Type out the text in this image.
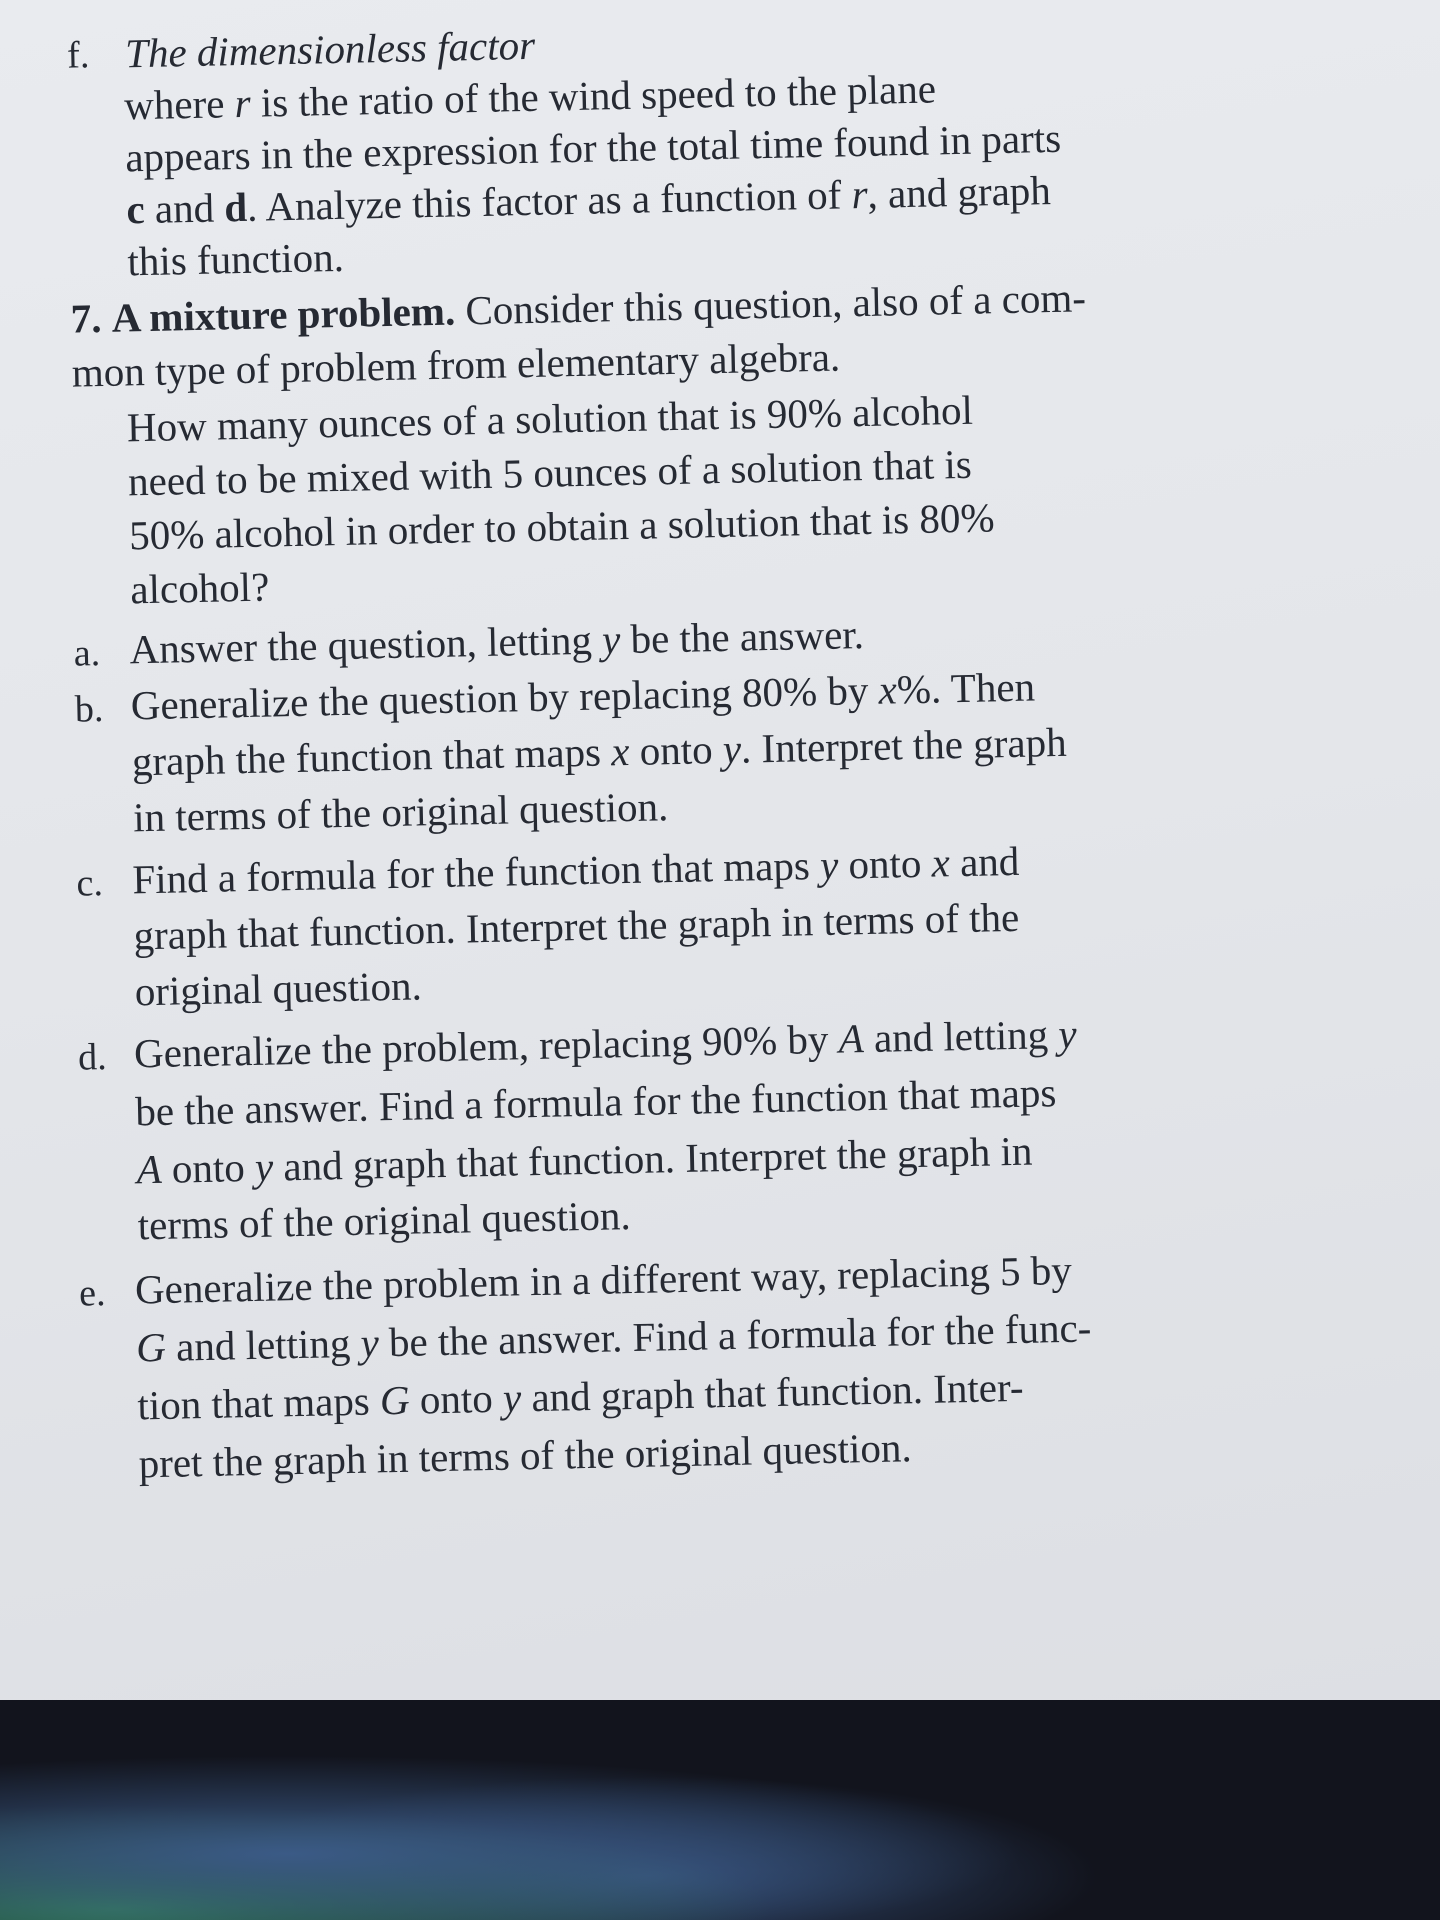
f. The dimensionless factor
where r is the ratio of the wind speed to the plane
appears in the expression for the total time found in parts
c and d. Analyze this factor as a function of r, and graph
this function.
7. A mixture problem. Consider this question, also of a com-
mon type of problem from elementary algebra.
How many ounces of a solution that is 90% alcohol
need to be mixed with 5 ounces of a solution that is
50% alcohol in order to obtain a solution that is 80%
alcohol?
a. Answer the question, letting y be the answer.
b. Generalize the question by replacing 80% by x%. Then
graph the function that maps x onto y. Interpret the graph
in terms of the original question.
c. Find a formula for the function that maps y onto x and
graph that function. Interpret the graph in terms of the
original question.
d. Generalize the problem, replacing 90% by A and letting y
be the answer. Find a formula for the function that maps
A onto y and graph that function. Interpret the graph in
terms of the original question.
e. Generalize the problem in a different way, replacing 5 by
G and letting y be the answer. Find a formula for the func-
tion that maps G onto y and graph that function. Inter-
pret the graph in terms of the original question.
